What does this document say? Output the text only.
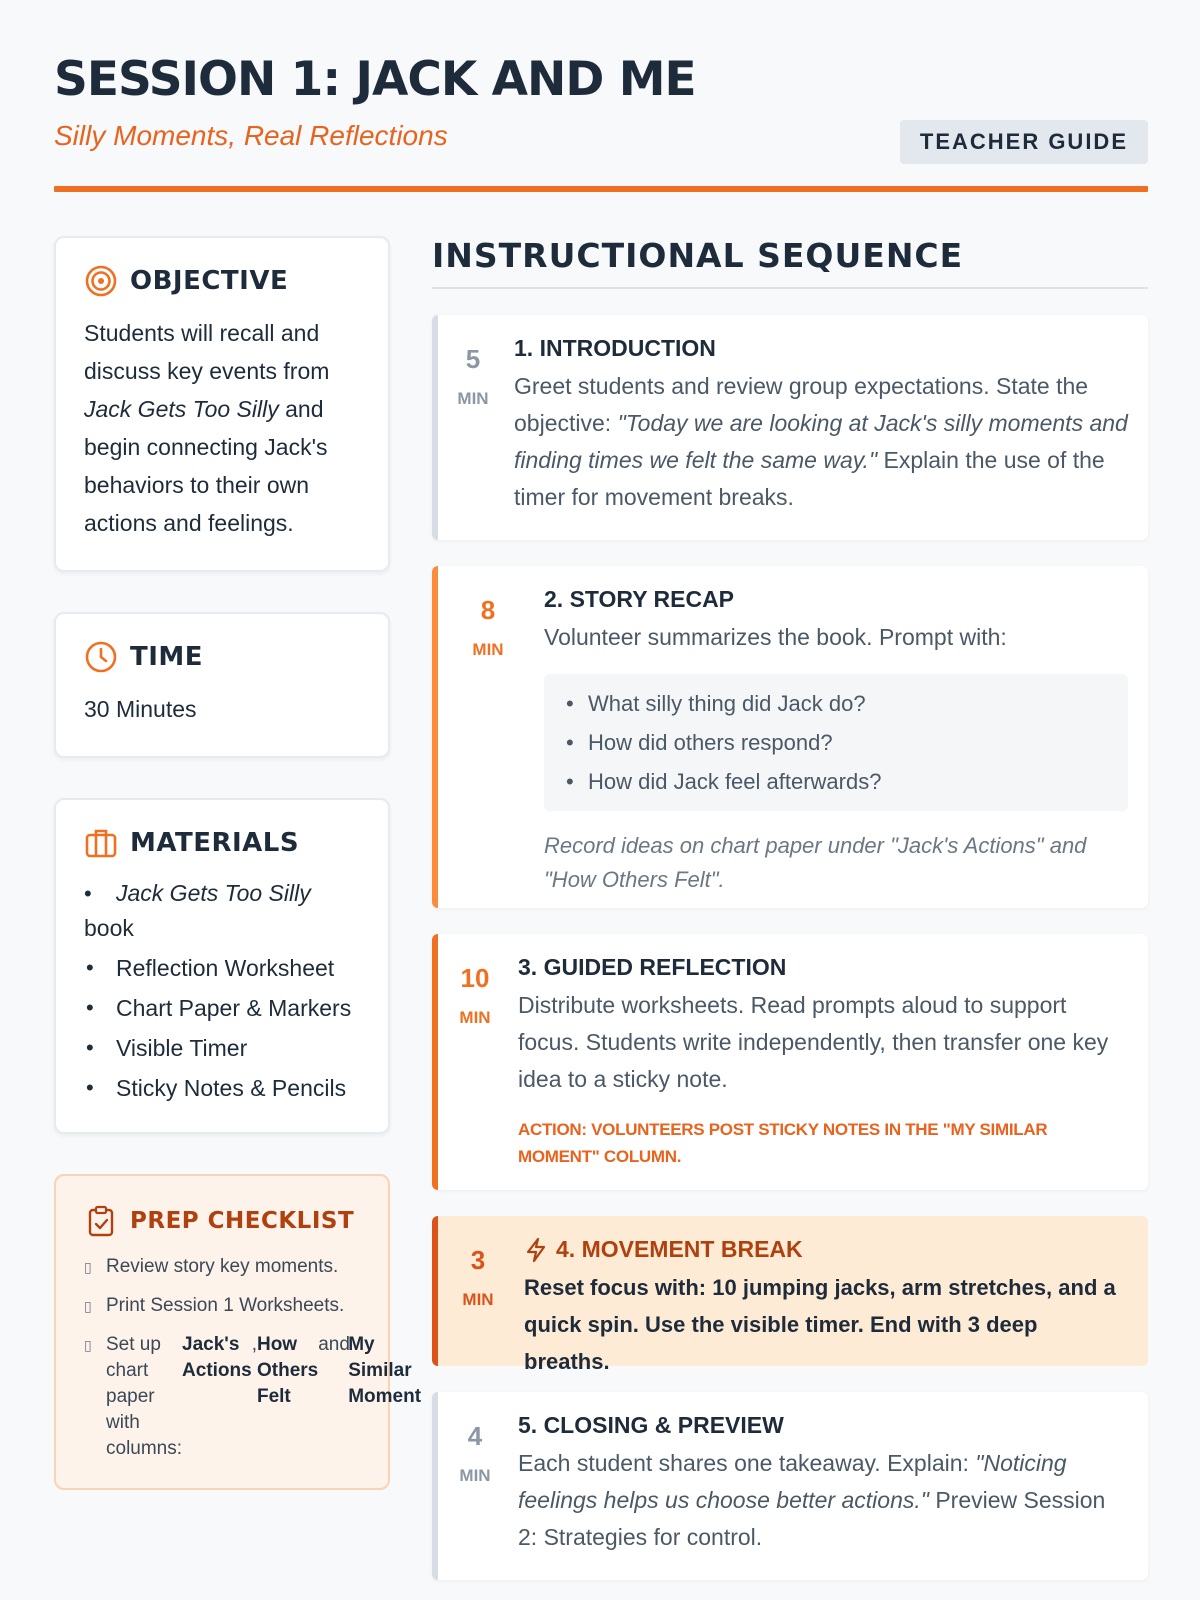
SESSION 1: JACK AND ME
Silly Moments, Real Reflections	TEACHER GUIDE
OBJECTIVE
Students will recall and discuss key events from Jack Gets Too Silly and begin connecting Jack's behaviors to their own actions and feelings.
TIME
30 Minutes
MATERIALS
• Jack Gets Too Silly
book
• Reflection Worksheet
• Chart Paper & Markers
• Visible Timer
• Sticky Notes & Pencils
PREP CHECKLIST
▯ Review story key moments.
▯ Print Session 1 Worksheets.
▯ Set up chart paper with columns:
Jack's Actions
, How Others Felt
and
My Similar Moment
INSTRUCTIONAL SEQUENCE
5
MIN
1. INTRODUCTION
Greet students and review group expectations. State the objective: "Today we are looking at Jack's silly moments and finding times we felt the same way." Explain the use of the timer for movement breaks.
8
MIN
2. STORY RECAP
Volunteer summarizes the book. Prompt with:
• What silly thing did Jack do?
• How did others respond?
• How did Jack feel afterwards?
Record ideas on chart paper under "Jack's Actions" and "How Others Felt".
10
MIN
3. GUIDED REFLECTION
Distribute worksheets. Read prompts aloud to support focus. Students write independently, then transfer one key idea to a sticky note.
ACTION: VOLUNTEERS POST STICKY NOTES IN THE "MY SIMILAR MOMENT" COLUMN.
3
MIN
4. MOVEMENT BREAK
Reset focus with: 10 jumping jacks, arm stretches, and a quick spin. Use the visible timer. End with 3 deep breaths.
4
MIN
5. CLOSING & PREVIEW
Each student shares one takeaway. Explain: "Noticing feelings helps us choose better actions." Preview Session 2: Strategies for control.
